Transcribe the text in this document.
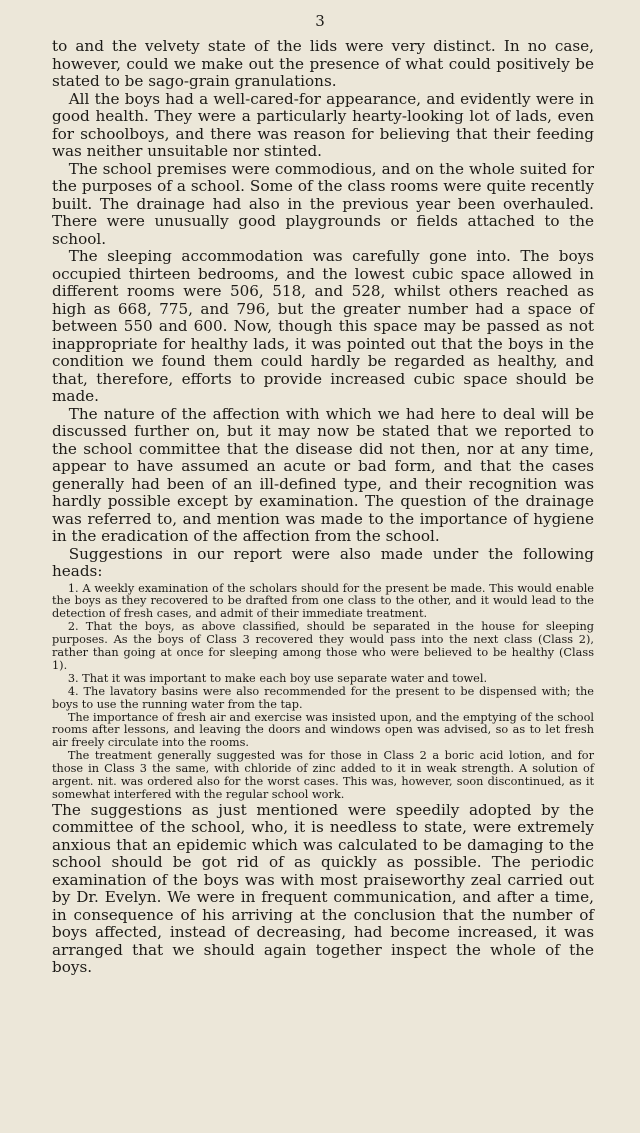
3

to and the velvety state of the lids were very distinct. In no case, however, could we make out the presence of what could positively be stated to be sago-grain granulations.

All the boys had a well-cared-for appearance, and evidently were in good health. They were a particularly hearty-looking lot of lads, even for schoolboys, and there was reason for believing that their feeding was neither unsuitable nor stinted.

The school premises were commodious, and on the whole suited for the purposes of a school. Some of the class rooms were quite recently built. The drainage had also in the previous year been overhauled. There were unusually good playgrounds or fields attached to the school.

The sleeping accommodation was carefully gone into. The boys occupied thirteen bedrooms, and the lowest cubic space allowed in different rooms were 506, 518, and 528, whilst others reached as high as 668, 775, and 796, but the greater number had a space of between 550 and 600. Now, though this space may be passed as not inappropriate for healthy lads, it was pointed out that the boys in the condition we found them could hardly be regarded as healthy, and that, therefore, efforts to provide increased cubic space should be made.

The nature of the affection with which we had here to deal will be discussed further on, but it may now be stated that we reported to the school committee that the disease did not then, nor at any time, appear to have assumed an acute or bad form, and that the cases generally had been of an ill-defined type, and their recognition was hardly possible except by examination. The question of the drainage was referred to, and mention was made to the importance of hygiene in the eradication of the affection from the school.

Suggestions in our report were also made under the following heads:

1. A weekly examination of the scholars should for the present be made. This would enable the boys as they recovered to be drafted from one class to the other, and it would lead to the detection of fresh cases, and admit of their immediate treatment.

2. That the boys, as above classified, should be separated in the house for sleeping purposes. As the boys of Class 3 recovered they would pass into the next class (Class 2), rather than going at once for sleeping among those who were believed to be healthy (Class 1).

3. That it was important to make each boy use separate water and towel.

4. The lavatory basins were also recommended for the present to be dispensed with; the boys to use the running water from the tap.

The importance of fresh air and exercise was insisted upon, and the emptying of the school rooms after lessons, and leaving the doors and windows open was advised, so as to let fresh air freely circulate into the rooms.

The treatment generally suggested was for those in Class 2 a boric acid lotion, and for those in Class 3 the same, with chloride of zinc added to it in weak strength. A solution of argent. nit. was ordered also for the worst cases. This was, however, soon discontinued, as it somewhat interfered with the regular school work.

The suggestions as just mentioned were speedily adopted by the committee of the school, who, it is needless to state, were extremely anxious that an epidemic which was calculated to be damaging to the school should be got rid of as quickly as possible. The periodic examination of the boys was with most praiseworthy zeal carried out by Dr. Evelyn. We were in frequent communication, and after a time, in consequence of his arriving at the conclusion that the number of boys affected, instead of decreasing, had become increased, it was arranged that we should again together inspect the whole of the boys.
